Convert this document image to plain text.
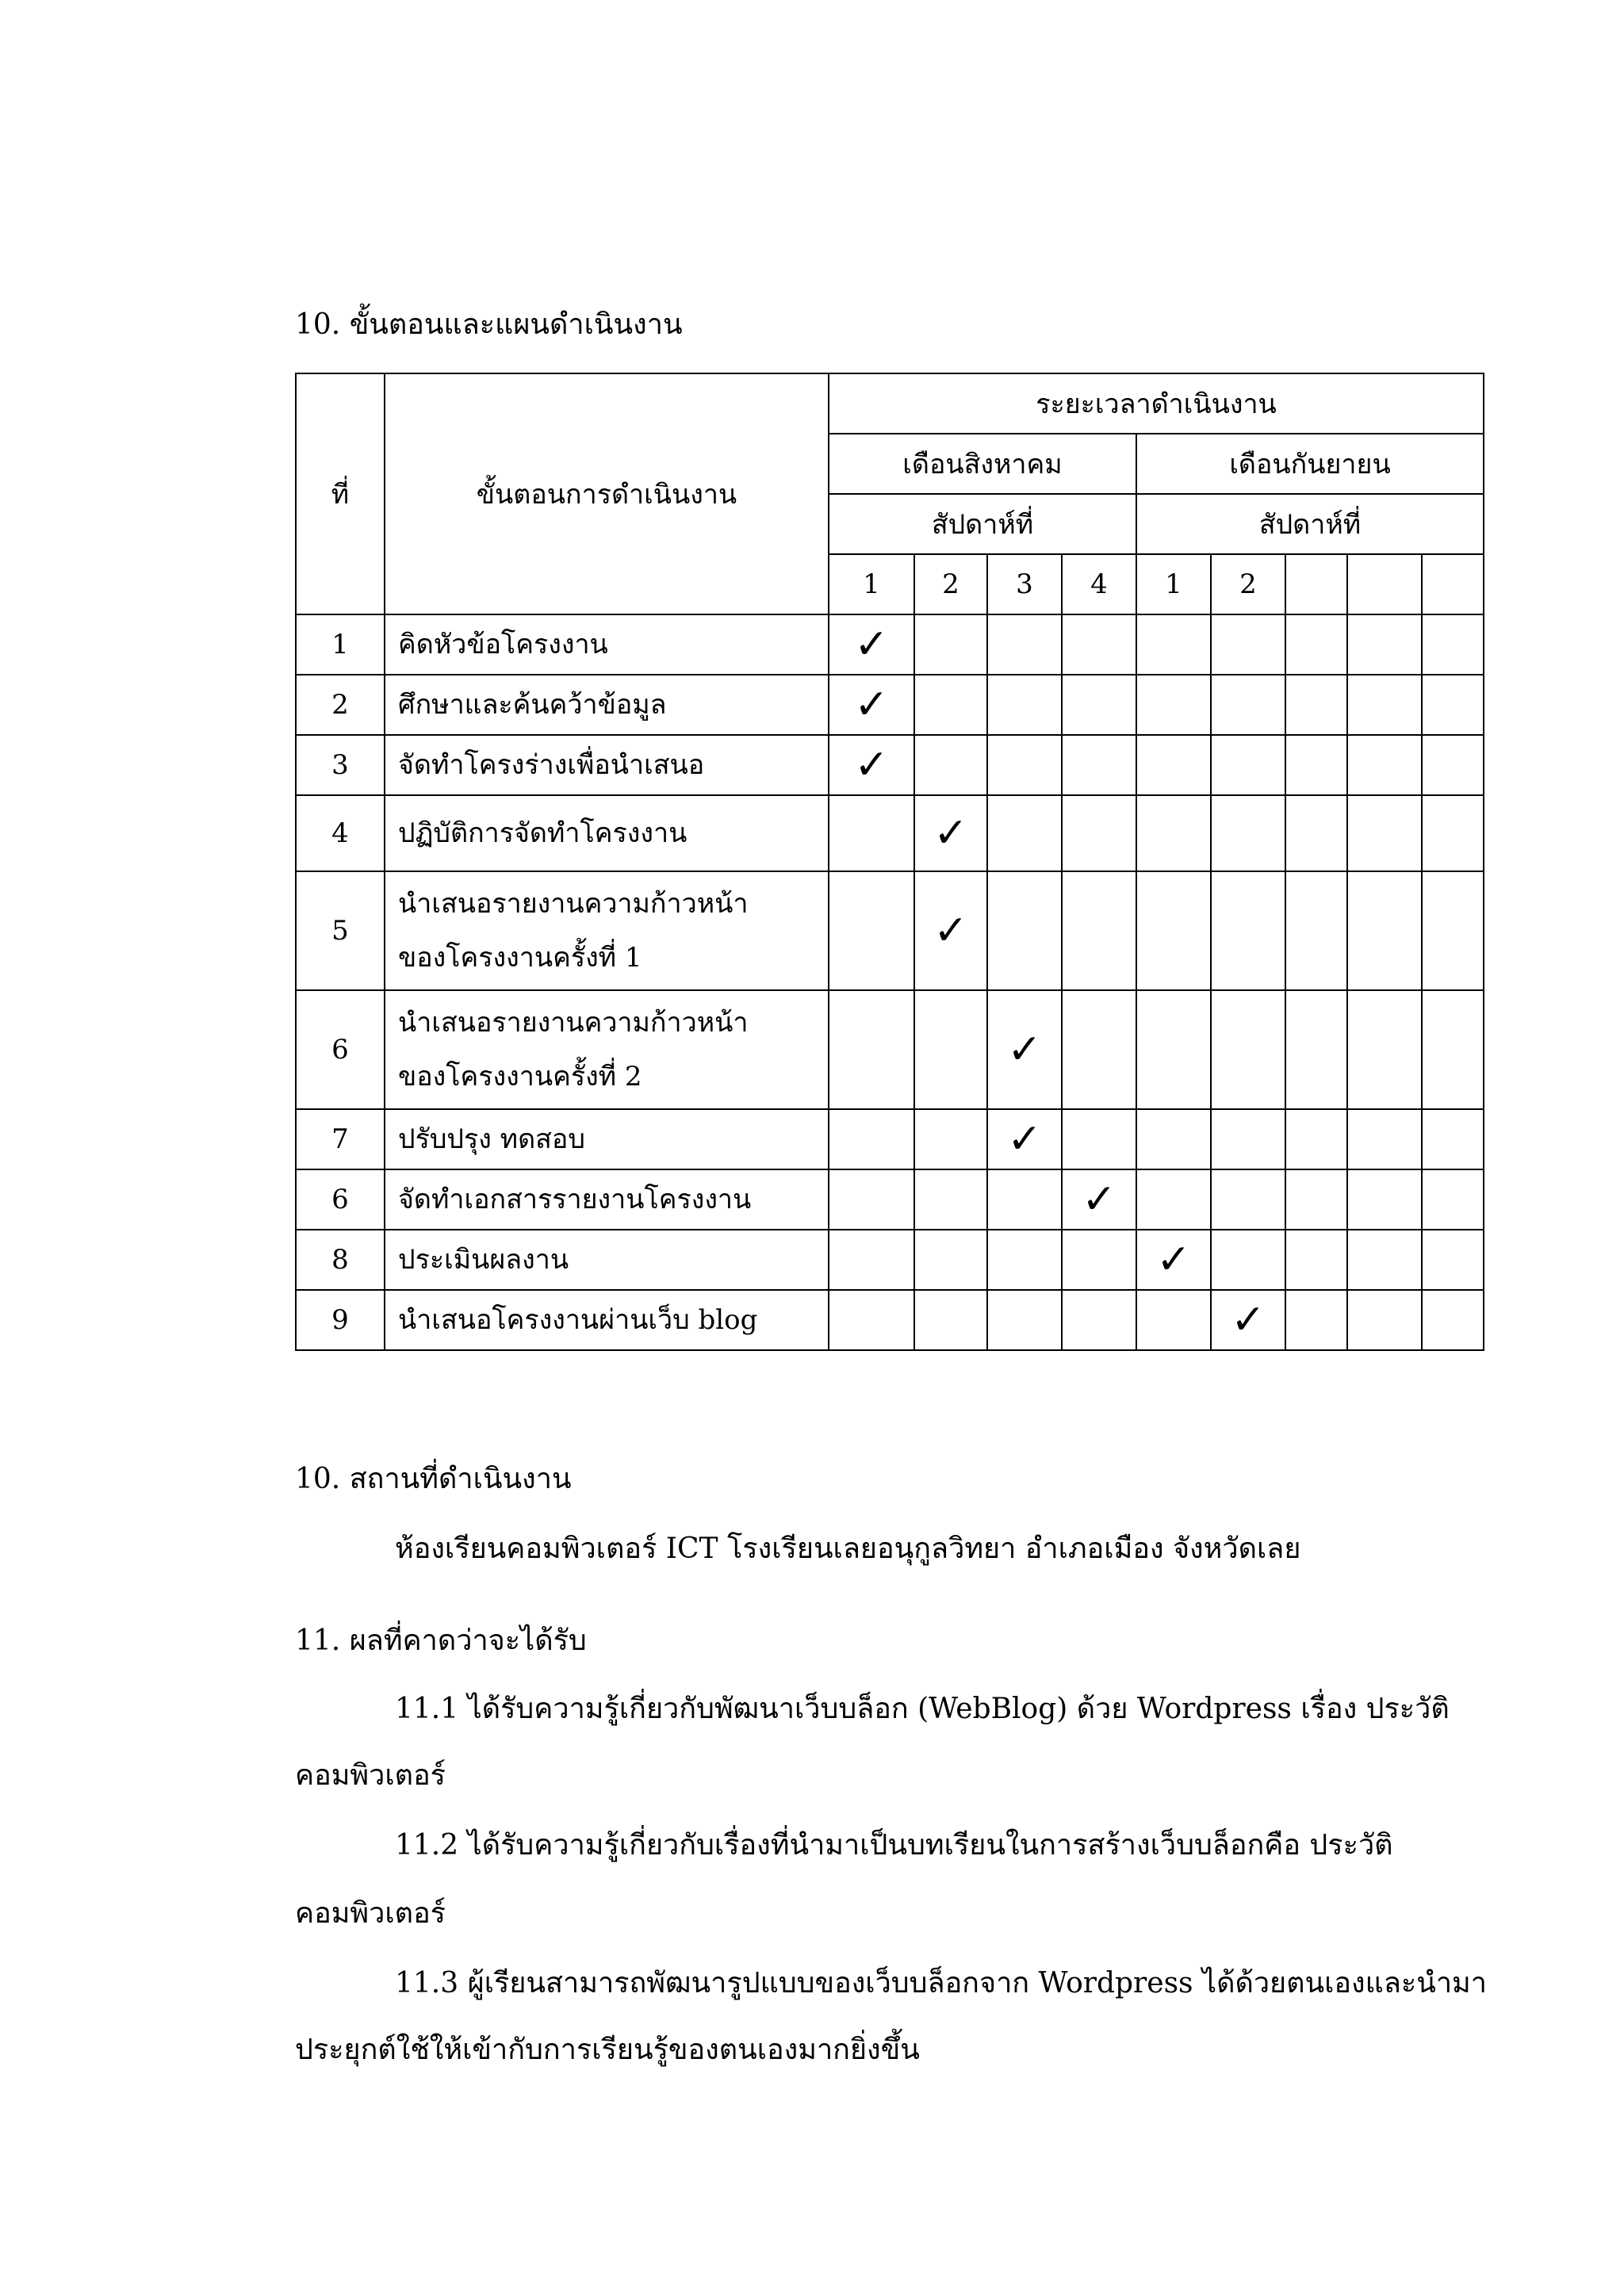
10. ขั้นตอนและแผนดำเนินงาน
ที่	ขั้นตอนการดำเนินงาน	ระยะเวลาดำเนินงาน								
		เดือนสิงหาคม				เดือนกันยายน				
		สัปดาห์ที่				สัปดาห์ที่				
		1	2	3	4	1	2			
1	คิดหัวข้อโครงงาน	✓								
2	ศึกษาและค้นคว้าข้อมูล	✓								
3	จัดทำโครงร่างเพื่อนำเสนอ	✓								
4	ปฏิบัติการจัดทำโครงงาน		✓							
5	นำเสนอรายงานความก้าวหน้า
ของโครงงานครั้งที่ 1		✓							
6	นำเสนอรายงานความก้าวหน้า
ของโครงงานครั้งที่ 2			✓						
7	ปรับปรุง ทดสอบ			✓						
6	จัดทำเอกสารรายงานโครงงาน				✓					
8	ประเมินผลงาน					✓				
9	นำเสนอโครงงานผ่านเว็บ blog						✓			
10. สถานที่ดำเนินงาน
ห้องเรียนคอมพิวเตอร์ ICT โรงเรียนเลยอนุกูลวิทยา อำเภอเมือง จังหวัดเลย
11. ผลที่คาดว่าจะได้รับ
11.1 ได้รับความรู้เกี่ยวกับพัฒนาเว็บบล็อก (WebBlog) ด้วย Wordpress เรื่อง ประวัติ
คอมพิวเตอร์
11.2 ได้รับความรู้เกี่ยวกับเรื่องที่นำมาเป็นบทเรียนในการสร้างเว็บบล็อกคือ ประวัติ
คอมพิวเตอร์
11.3 ผู้เรียนสามารถพัฒนารูปแบบของเว็บบล็อกจาก Wordpress ได้ด้วยตนเองและนำมา
ประยุกต์ใช้ให้เข้ากับการเรียนรู้ของตนเองมากยิ่งขึ้น
